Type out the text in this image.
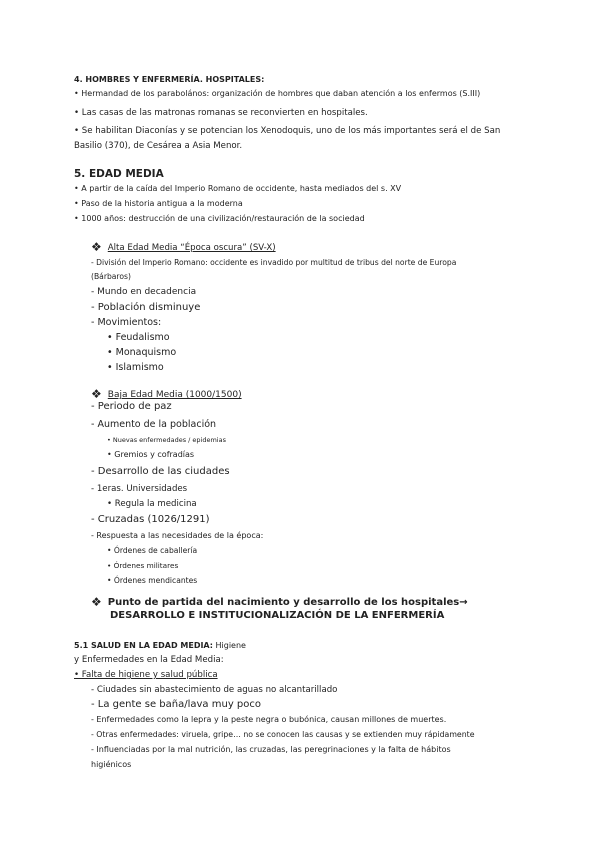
4. HOMBRES Y ENFERMERÍA. HOSPITALES:
• Hermandad de los parabolános: organización de hombres que daban atención a los enfermos (S.III)
• Las casas de las matronas romanas se reconvierten en hospitales.
• Se habilitan Diaconías y se potencian los Xenodoquis, uno de los más importantes será el de San
Basilio (370), de Cesárea a Asia Menor.
5. EDAD MEDIA
• A partir de la caída del Imperio Romano de occidente, hasta mediados del s. XV
• Paso de la historia antigua a la moderna
• 1000 años: destrucción de una civilización/restauración de la sociedad
❖ Alta Edad Media “Época oscura” (SV-X)
- División del Imperio Romano: occidente es invadido por multitud de tribus del norte de Europa
(Bárbaros)
- Mundo en decadencia
- Población disminuye
- Movimientos:
• Feudalismo
• Monaquismo
• Islamismo
❖ Baja Edad Media (1000/1500)
- Periodo de paz
- Aumento de la población
• Nuevas enfermedades / epidemias
• Gremios y cofradías
- Desarrollo de las ciudades
- 1eras. Universidades
• Regula la medicina
- Cruzadas (1026/1291)
- Respuesta a las necesidades de la época:
• Órdenes de caballería
• Órdenes militares
• Órdenes mendicantes
❖ Punto de partida del nacimiento y desarrollo de los hospitales→
DESARROLLO E INSTITUCIONALIZACIÓN DE LA ENFERMERÍA
5.1 SALUD EN LA EDAD MEDIA: Higiene
y Enfermedades en la Edad Media:
• Falta de higiene y salud pública
- Ciudades sin abastecimiento de aguas no alcantarillado
- La gente se baña/lava muy poco
- Enfermedades como la lepra y la peste negra o bubónica, causan millones de muertes.
- Otras enfermedades: viruela, gripe… no se conocen las causas y se extienden muy rápidamente
- Influenciadas por la mal nutrición, las cruzadas, las peregrinaciones y la falta de hábitos
higiénicos
